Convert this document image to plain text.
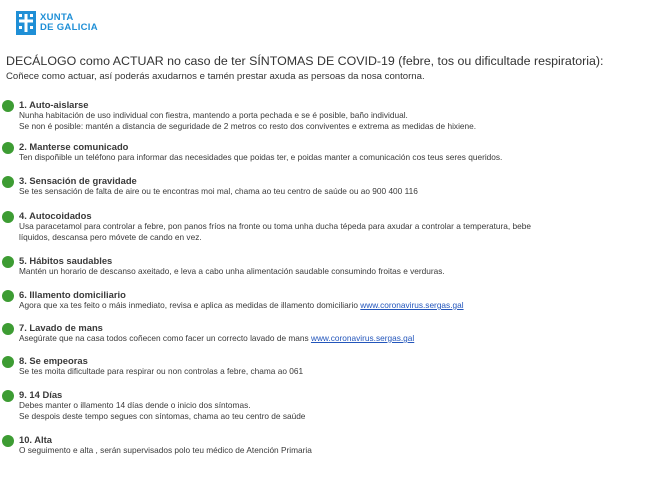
XUNTA
DE GALICIA
DECÁLOGO como ACTUAR no caso de ter SÍNTOMAS DE COVID-19 (febre, tos ou dificultade respiratoria):
Coñece como actuar, así poderás axudarnos e tamén prestar axuda as persoas da nosa contorna.
1. Auto-aislarse
Nunha habitación de uso individual con fiestra, mantendo a porta pechada e se é posible, baño individual.
Se non é posible: mantén a distancia de seguridade de 2 metros co resto dos conviventes e extrema as medidas de hixiene.
2. Manterse comunicado
Ten dispoñible un teléfono para informar das necesidades que poidas ter, e poidas manter a comunicación cos teus seres queridos.
3. Sensación de gravidade
Se tes sensación de falta de aire ou te encontras moi mal, chama ao teu centro de saúde ou ao 900 400 116
4. Autocoidados
Usa paracetamol para controlar a febre, pon panos fríos na fronte ou toma unha ducha tépeda para axudar a controlar a temperatura, bebe
líquidos, descansa pero móvete de cando en vez.
5. Hábitos saudables
Mantén un horario de descanso axeitado, e leva a cabo unha alimentación saudable consumindo froitas e verduras.
6. Illamento domiciliario
Agora que xa tes feito o máis inmediato, revisa e aplica as medidas de illamento domiciliario www.coronavirus.sergas.gal
7. Lavado de mans
Asegúrate que na casa todos coñecen como facer un correcto lavado de mans www.coronavirus.sergas.gal
8. Se empeoras
Se tes moita dificultade para respirar ou non controlas a febre, chama ao 061
9. 14 Días
Debes manter o illamento 14 días dende o inicio dos síntomas.
Se despois deste tempo segues con síntomas, chama ao teu centro de saúde
10. Alta
O seguimento e alta , serán supervisados polo teu médico de Atención Primaria
